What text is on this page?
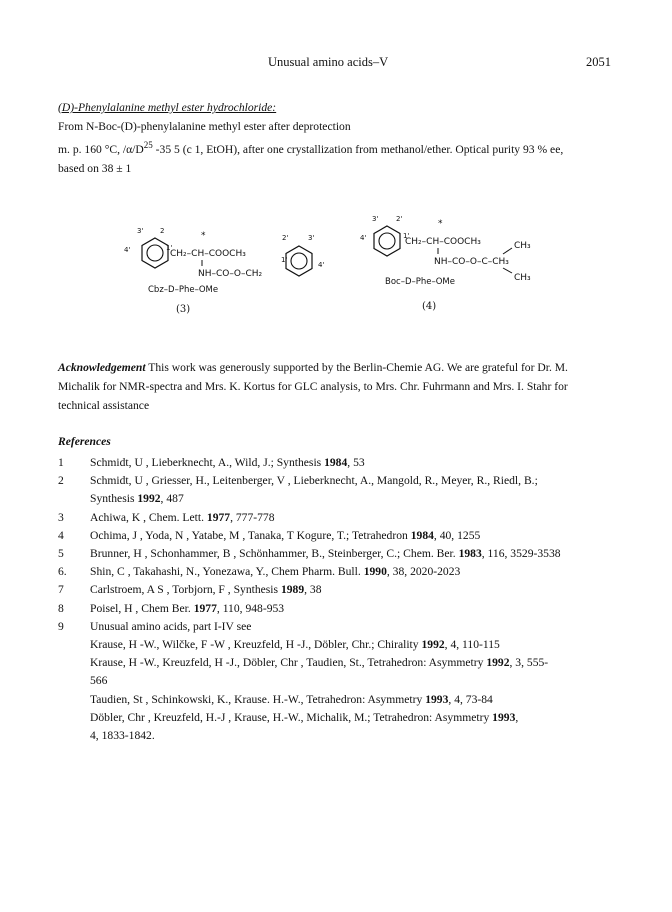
Unusual amino acids–V	2051
(D)-Phenylalanine methyl ester hydrochloride:
From N-Boc-(D)-phenylalanine methyl ester after deprotection
m. p. 160 °C, $/\alpha/D^{25}$ -35 5 (c 1, EtOH), after one crystallization from methanol/ether. Optical purity 93 % ee,
based on 38 ± 1
3' 2
4'	1'
*
CH₂–CH–COOCH₃
NH–CO–O–CH₂
2'	3'
4'
1'
Cbz–D–Phe–OMe
(3)
3'	2'
4'	1'
*
CH₂–CH–COOCH₃
NH–CO–O–C–CH₃
CH₃
CH₃
Boc–D–Phe–OMe
(4)
Acknowledgement This work was generously supported by the Berlin-Chemie AG. We are grateful for Dr. M.
Michalik for NMR-spectra and Mrs. K. Kortus for GLC analysis, to Mrs. Chr. Fuhrmann and Mrs. I. Stahr for
technical assistance
References
1	Schmidt, U , Lieberknecht, A., Wild, J.; Synthesis 1984, 53
2	Schmidt, U , Griesser, H., Leitenberger, V , Lieberknecht, A., Mangold, R., Meyer, R., Riedl, B.;
Synthesis 1992, 487
3	Achiwa, K , Chem. Lett. 1977, 777-778
4	Ochima, J , Yoda, N , Yatabe, M , Tanaka, T Kogure, T.; Tetrahedron 1984, 40, 1255
5	Brunner, H , Schonhammer, B , Schönhammer, B., Steinberger, C.; Chem. Ber. 1983, 116, 3529-3538
6.	Shin, C , Takahashi, N., Yonezawa, Y., Chem Pharm. Bull. 1990, 38, 2020-2023
7	Carlstroem, A S , Torbjorn, F , Synthesis 1989, 38
8	Poisel, H , Chem Ber. 1977, 110, 948-953
9	Unusual amino acids, part I-IV see
Krause, H -W., Wilčke, F -W , Kreuzfeld, H -J., Döbler, Chr.; Chirality 1992, 4, 110-115
Krause, H -W., Kreuzfeld, H -J., Döbler, Chr , Taudien, St., Tetrahedron: Asymmetry 1992, 3, 555-
566
Taudien, St , Schinkowski, K., Krause. H.-W., Tetrahedron: Asymmetry 1993, 4, 73-84
Döbler, Chr , Kreuzfeld, H.-J , Krause, H.-W., Michalik, M.; Tetrahedron: Asymmetry 1993,
4, 1833-1842.
